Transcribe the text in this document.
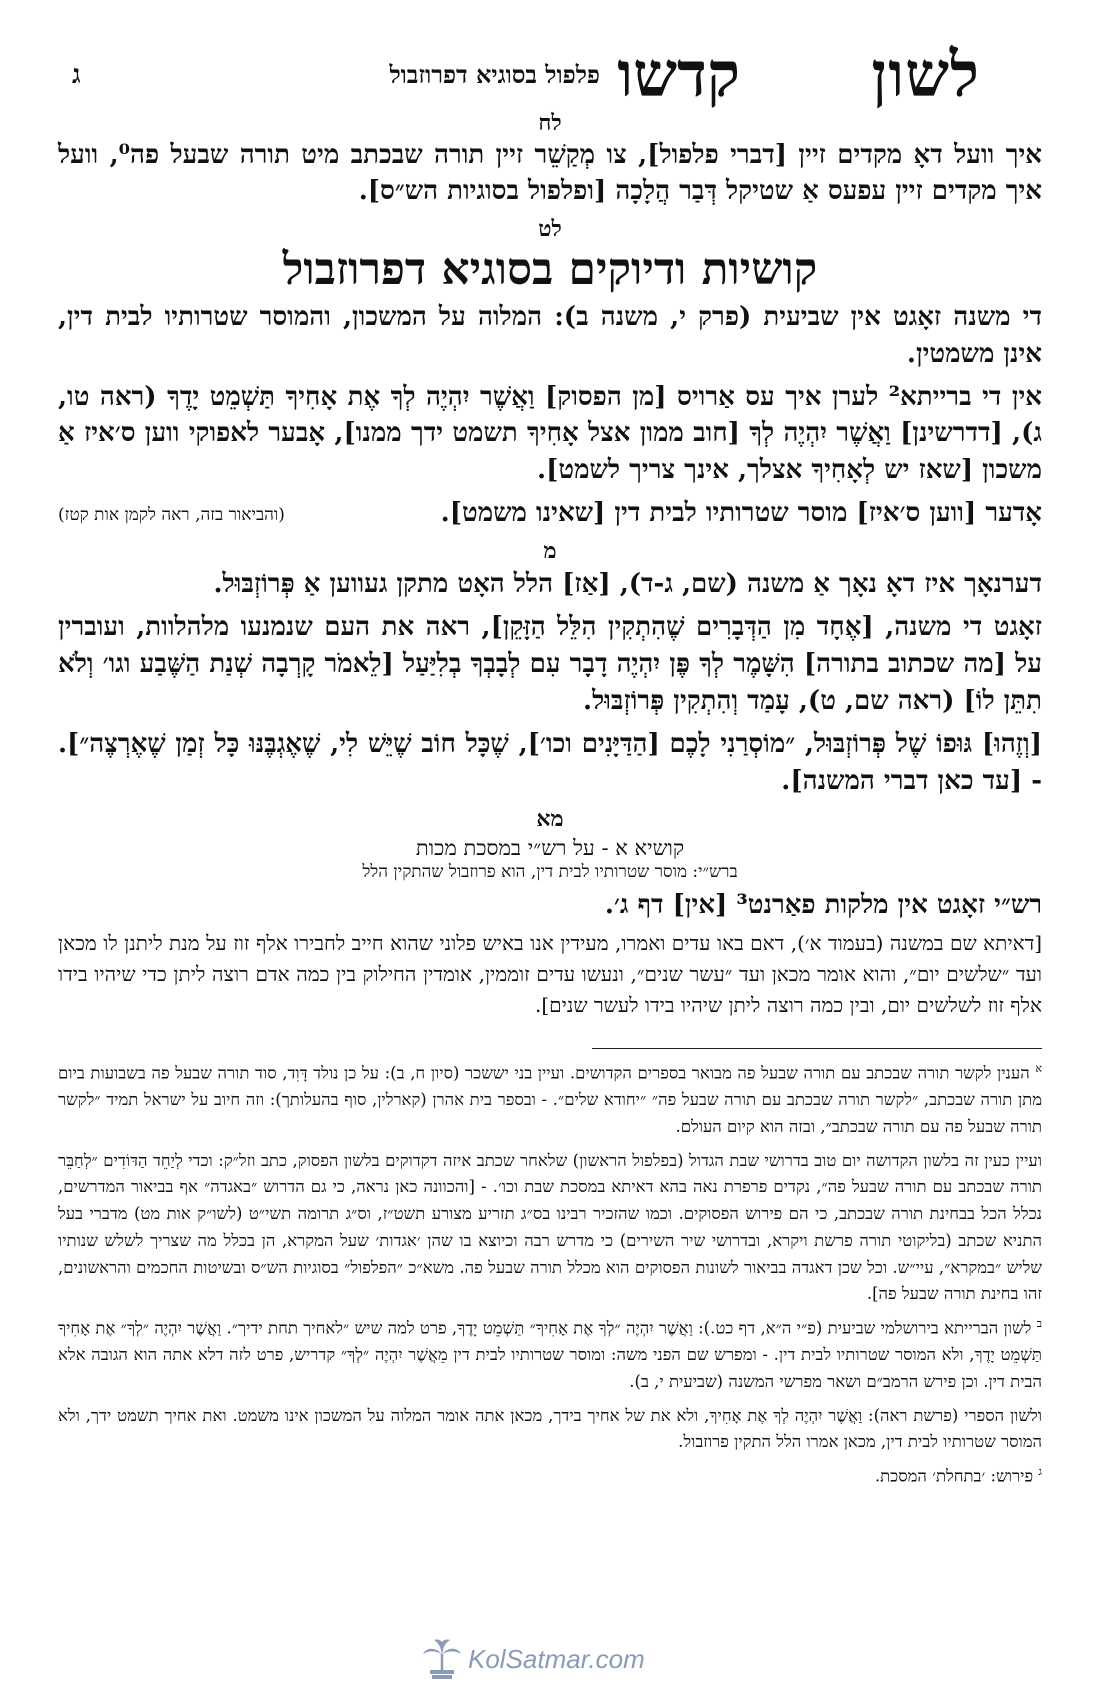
לשון
קדשו
פלפול בסוגיא דפרוזבול
ג
לח

איך וועל דאָ מקדים זיין [דברי פלפול], צו מְקַשֵׁר זיין תורה שבכתב מיט תורה שבעל פה⁰, וועל איך מקדים זיין עפעס אַ שטיקל דְּבַר הֲלָכָה [ופלפול בסוגיות הש״ס].

לט
קושיות ודיוקים בסוגיא דפרוזבול

די משנה זאָגט אין שביעית (פרק י, משנה ב): המלוה על המשכון, והמוסר שטרותיו לבית דין, אינן משמטין.

אין די ברייתא² לערן איך עס אַרויס [מן הפסוק] וַאֲשֶׁר יִהְיֶה לְךָ אֶת אָחִיךָ תַּשְׁמֵט יָדֶךָ (ראה טו, ג), [דדרשינן] וַאֲשֶׁר יִהְיֶה לְךָ [חוב ממון אצל אָחִיךָ תשמט ידך ממנו], אָבער לאפוקי ווען ס׳איז אַ משכון [שאז יש לְאָחִיךָ אצלך, אינך צריך לשמט].

אָדער [ווען ס׳איז] מוסר שטרותיו לבית דין [שאינו משמט].
(והביאור בזה, ראה לקמן אות קטז)

מ

דערנאָך איז דאָ נאָך אַ משנה (שם, ג-ד), [אַז] הלל האָט מתקן געווען אַ פְּרוֹזְבּוּל.

זאָגט די משנה, [אֶחָד מִן הַדְּבָרִים שֶׁהִתְקִין הִלֵּל הַזָּקֵן], ראה את העם שנמנעו מלהלוות, ועוברין על [מה שכתוב בתורה] הִשָּׁמֶר לְךָ פֶּן יִהְיֶה דָבָר עִם לְבָבְךָ בְלִיַּעַל [לֵאמֹר קָרְבָה שְׁנַת הַשֶּׁבַע וגו׳ וְלֹא תִתֵּן לוֹ] (ראה שם, ט), עָמַד וְהִתְקִין פְּרוֹזְבּוּל.

[וְזֶהוּ] גּוּפוֹ שֶׁל פְּרוֹזְבּוּל, ״מוֹסְרַנִי לָכֶם [הַדַּיָּנִים וכו׳], שֶׁכָּל חוֹב שֶׁיֵּשׁ לִי, שֶׁאֶגְבֶּנּוּ כָּל זְמַן שֶׁאֶרְצֶה״]. - [עד כאן דברי המשנה].

מא
קושיא א - על רש״י במסכת מכות
ברש״י: מוסר שטרותיו לבית דין, הוא פרוזבול שהתקין הלל

רש״י זאָגט אין מלקות פאַרנט³ [אין] דף ג׳.

[דאיתא שם במשנה (בעמוד א׳), דאם באו עדים ואמרו, מעידין אנו באיש פלוני שהוא חייב לחבירו אלף זוז על מנת ליתנן לו מכאן ועד ״שלשים יום״, והוא אומר מכאן ועד ״עשר שנים״, ונעשו עדים זוממין, אומדין החילוק בין כמה אדם רוצה ליתן כדי שיהיו בידו אלף זוז לשלשים יום, ובין כמה רוצה ליתן שיהיו בידו לעשר שנים].

$^א$ הענין לקשר תורה שבכתב עם תורה שבעל פה מבואר בספרים הקדושים. ועיין בני יששכר (סיון ח, ב): על כן נולד דָּוִד, סוד תורה שבעל פה בשבועות ביום מתן תורה שבכתב, ״לקשר תורה שבכתב עם תורה שבעל פה״ ״יחודא שלים״. - ובספר בית אהרן (קארלין, סוף בהעלותך): וזה חיוב על ישראל תמיד ״לקשר תורה שבעל פה עם תורה שבכתב״, ובזה הוא קיום העולם.

ועיין כעין זה בלשון הקדושה יום טוב בדרושי שבת הגדול (בפלפול הראשון) שלאחר שכתב איזה דקדוקים בלשון הפסוק, כתב וזל״ק: וכדי לְיַחֵד הַדּוֹדִים ״לְחַבֵּר תורה שבכתב עם תורה שבעל פה״, נקדים פרפרת נאה בהא דאיתא במסכת שבת וכו׳. - [והכוונה כאן נראה, כי גם הדרוש ״באגדה״ אף בביאור המדרשים, נכלל הכל בבחינת תורה שבכתב, כי הם פירוש הפסוקים. וכמו שהזכיר רבינו בס״ג תזריע מצורע תשט״ז, וס״ג תרומה תשי״ט (לשו״ק אות מט) מדברי בעל התניא שכתב (בליקוטי תורה פרשת ויקרא, ובדרושי שיר השירים) כי מדרש רבה וכיוצא בו שהן ׳אגדות׳ שעל המקרא, הן בכלל מה שצריך לשלש שנותיו שליש ״במקרא״, עיי״ש. וכל שכן דאגדה בביאור לשונות הפסוקים הוא מכלל תורה שבעל פה. משא״כ ״הפלפול״ בסוגיות הש״ס ובשיטות החכמים והראשונים, זהו בחינת תורה שבעל פה].

$^ב$ לשון הברייתא בירושלמי שביעית (פ״י ה״א, דף כט.): וַאֲשֶׁר יִהְיֶה ״לְךָ אֶת אָחִיךָ״ תַּשְׁמֵט יָדֶךָ, פרט למה שיש ״לאחיך תחת ידיך״. וַאֲשֶׁר יִהְיֶה ״לְךָ״ אֶת אָחִיךָ תַּשְׁמֵט יָדֶךָ, ולא המוסר שטרותיו לבית דין. - ומפרש שם הפני משה: ומוסר שטרותיו לבית דין מֵאֲשֶׁר יִהְיֶה ״לְךָ״ קדריש, פרט לזה דלא אתה הוא הגובה אלא הבית דין. וכן פירש הרמב״ם ושאר מפרשי המשנה (שביעית י, ב).

ולשון הספרי (פרשת ראה): וַאֲשֶׁר יִהְיֶה לְךָ אֶת אָחִיךָ, ולא את של אחיך בידך, מכאן אתה אומר המלוה על המשכון אינו משמט. ואת אחיך תשמט ידך, ולא המוסר שטרותיו לבית דין, מכאן אמרו הלל התקין פרוזבול.

$^ג$ פירוש: ׳בתחלת׳ המסכת.

KolSatmar.com
